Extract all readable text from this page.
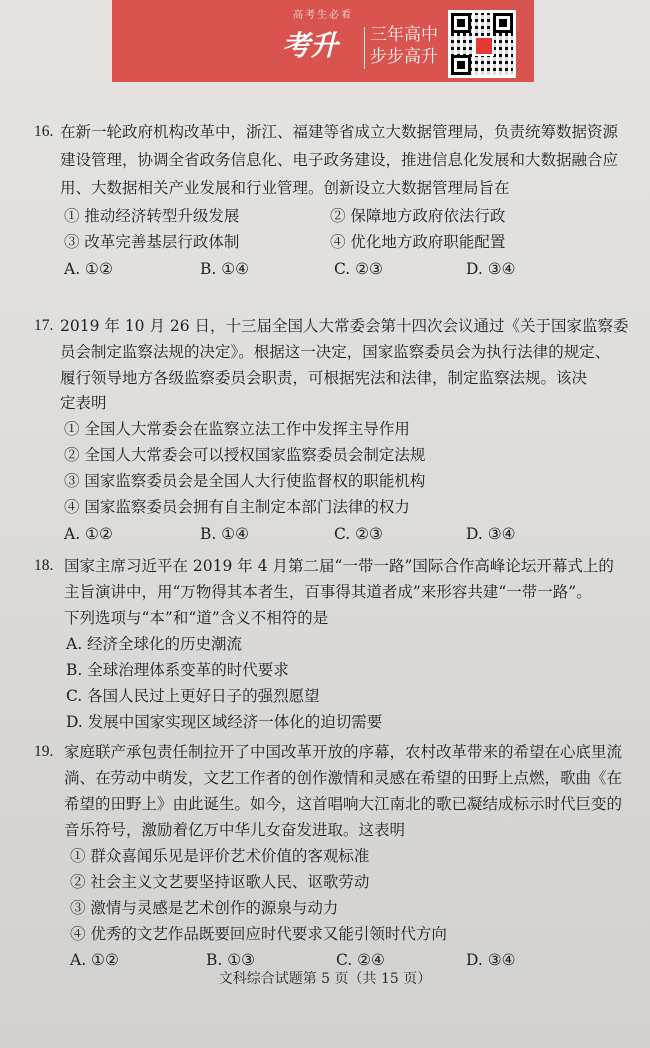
高考生必看
考升 三年高中
步步高升
16. 在新一轮政府机构改革中，浙江、福建等省成立大数据管理局，负责统筹数据资源
建设管理，协调全省政务信息化、电子政务建设，推进信息化发展和大数据融合应
用、大数据相关产业发展和行业管理。创新设立大数据管理局旨在
① 推动经济转型升级发展	② 保障地方政府依法行政
③ 改革完善基层行政体制	④ 优化地方政府职能配置
A. ①②	B. ①④	C. ②③	D. ③④
17. 2019 年 10 月 26 日，十三届全国人大常委会第十四次会议通过《关于国家监察委
员会制定监察法规的决定》。根据这一决定，国家监察委员会为执行法律的规定、
履行领导地方各级监察委员会职责，可根据宪法和法律，制定监察法规。该决
定表明
① 全国人大常委会在监察立法工作中发挥主导作用
② 全国人大常委会可以授权国家监察委员会制定法规
③ 国家监察委员会是全国人大行使监督权的职能机构
④ 国家监察委员会拥有自主制定本部门法律的权力
A. ①②	B. ①④	C. ②③	D. ③④
18. 国家主席习近平在 2019 年 4 月第二届“一带一路”国际合作高峰论坛开幕式上的
主旨演讲中，用“万物得其本者生，百事得其道者成”来形容共建“一带一路”。
下列选项与“本”和“道”含义不相符的是
A. 经济全球化的历史潮流
B. 全球治理体系变革的时代要求
C. 各国人民过上更好日子的强烈愿望
D. 发展中国家实现区域经济一体化的迫切需要
19. 家庭联产承包责任制拉开了中国改革开放的序幕，农村改革带来的希望在心底里流
淌、在劳动中萌发，文艺工作者的创作激情和灵感在希望的田野上点燃，歌曲《在
希望的田野上》由此诞生。如今，这首唱响大江南北的歌已凝结成标示时代巨变的
音乐符号，激励着亿万中华儿女奋发进取。这表明
① 群众喜闻乐见是评价艺术价值的客观标准
② 社会主义文艺要坚持讴歌人民、讴歌劳动
③ 激情与灵感是艺术创作的源泉与动力
④ 优秀的文艺作品既要回应时代要求又能引领时代方向
A. ①②	B. ①③	C. ②④	D. ③④
文科综合试题第 5 页（共 15 页）
